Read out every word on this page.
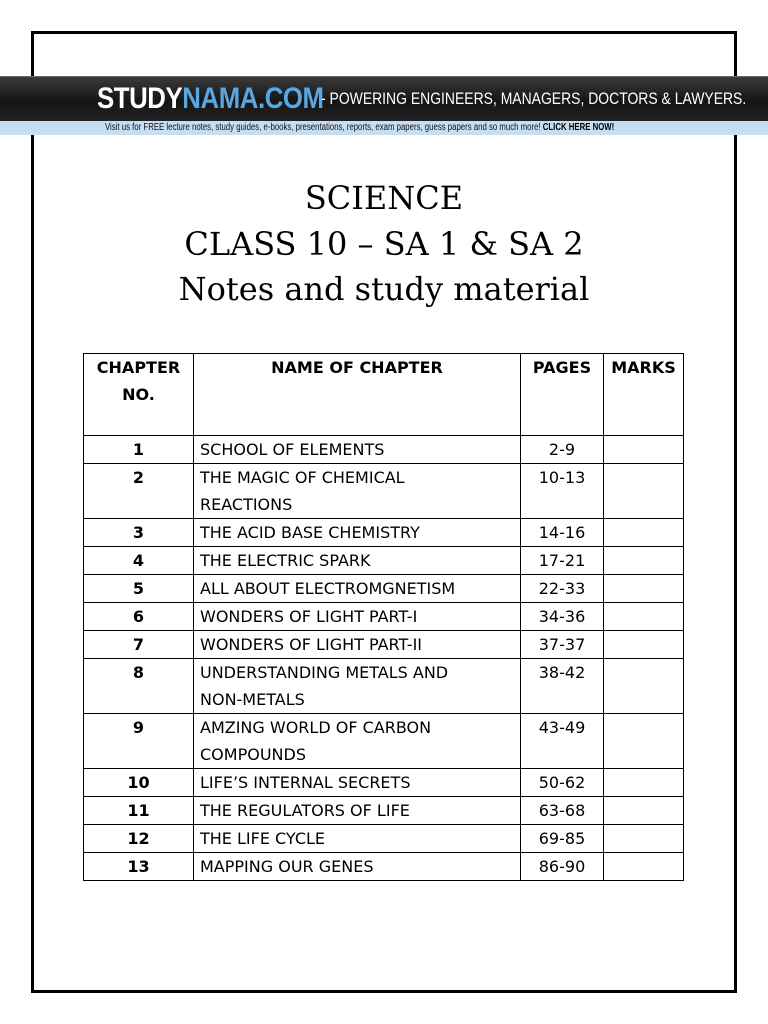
STUDYNAMA.COM
- POWERING ENGINEERS, MANAGERS, DOCTORS & LAWYERS.
Visit us for FREE lecture notes, study guides, e-books, presentations, reports, exam papers, guess papers and so much more! CLICK HERE NOW!
SCIENCE
CLASS 10 – SA 1 & SA 2
Notes and study material
CHAPTER NO.	NAME OF CHAPTER	PAGES	MARKS
1	SCHOOL OF ELEMENTS	2-9	
2	THE MAGIC OF CHEMICAL REACTIONS	10-13	
3	THE ACID BASE CHEMISTRY	14-16	
4	THE ELECTRIC SPARK	17-21	
5	ALL ABOUT ELECTROMGNETISM	22-33	
6	WONDERS OF LIGHT PART-I	34-36	
7	WONDERS OF LIGHT PART-II	37-37	
8	UNDERSTANDING METALS AND NON-METALS	38-42	
9	AMZING WORLD OF CARBON COMPOUNDS	43-49	
10	LIFE’S INTERNAL SECRETS	50-62	
11	THE REGULATORS OF LIFE	63-68	
12	THE LIFE CYCLE	69-85	
13	MAPPING OUR GENES	86-90	
